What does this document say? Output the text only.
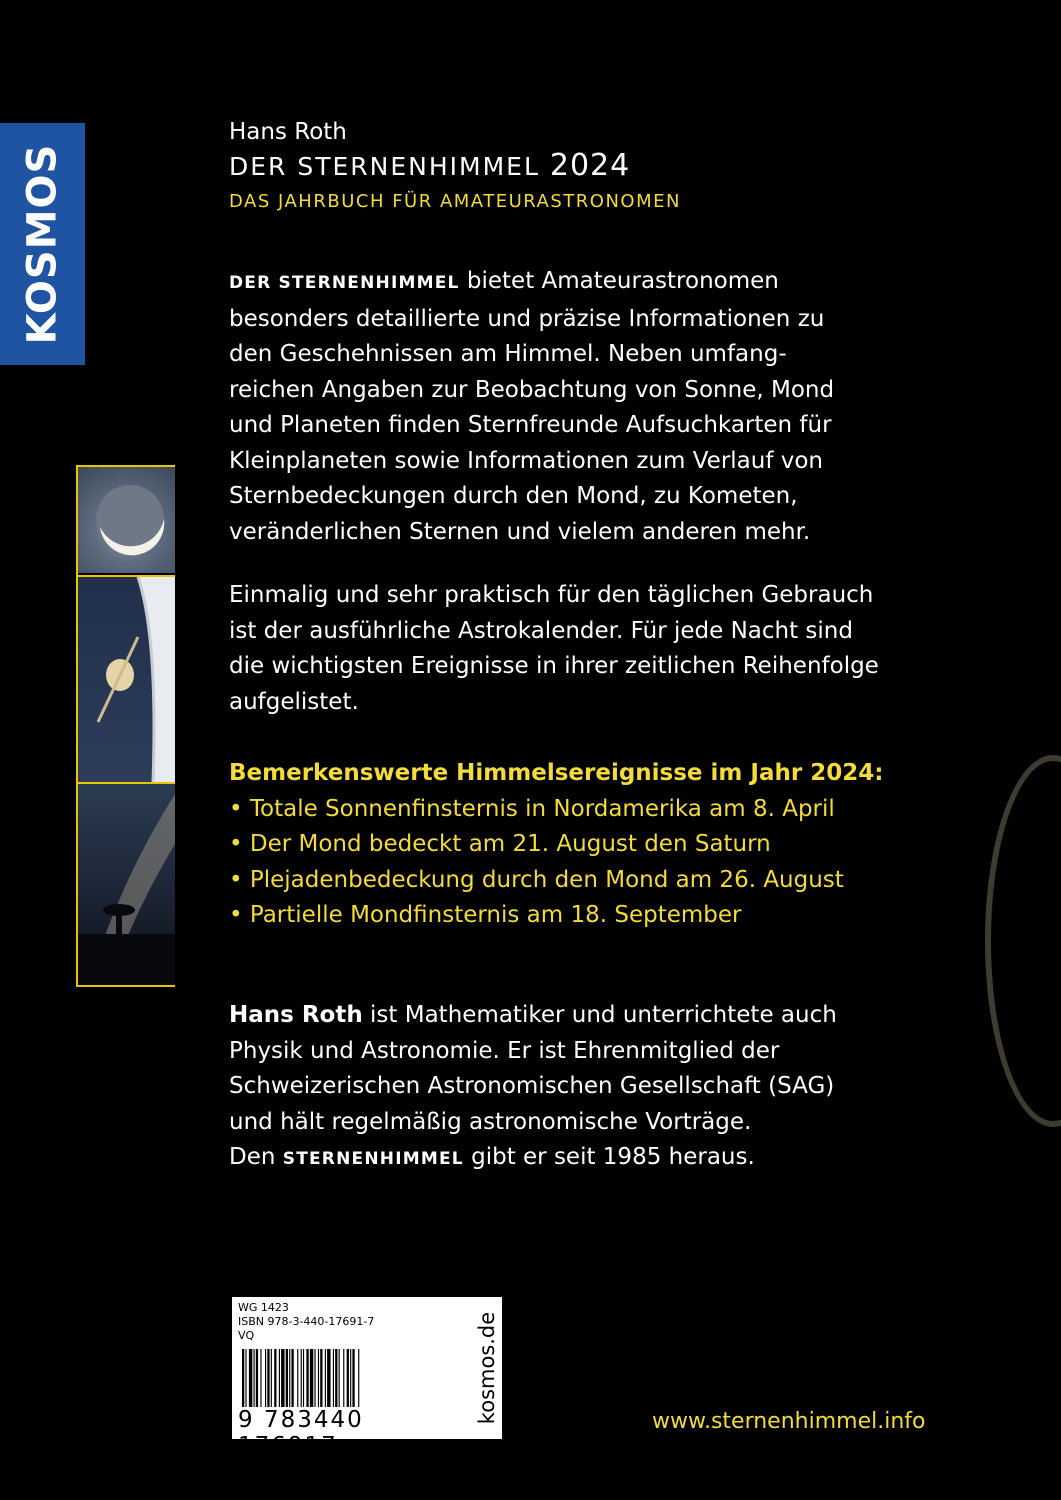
KOSMOS

Hans Roth

DER STERNENHIMMEL 2024

DAS JAHRBUCH FÜR AMATEURASTRONOMEN

DER STERNENHIMMEL bietet Amateurastronomen
besonders detaillierte und präzise Informationen zu
den Geschehnissen am Himmel. Neben umfang-
reichen Angaben zur Beobachtung von Sonne, Mond
und Planeten finden Sternfreunde Aufsuchkarten für
Kleinplaneten sowie Informationen zum Verlauf von
Sternbedeckungen durch den Mond, zu Kometen,
veränderlichen Sternen und vielem anderen mehr.

Einmalig und sehr praktisch für den täglichen Gebrauch
ist der ausführliche Astrokalender. Für jede Nacht sind
die wichtigsten Ereignisse in ihrer zeitlichen Reihenfolge
aufgelistet.

Bemerkenswerte Himmelsereignisse im Jahr 2024:
• Totale Sonnenfinsternis in Nordamerika am 8. April
• Der Mond bedeckt am 21. August den Saturn
• Plejadenbedeckung durch den Mond am 26. August
• Partielle Mondfinsternis am 18. September

Hans Roth ist Mathematiker und unterrichtete auch
Physik und Astronomie. Er ist Ehrenmitglied der
Schweizerischen Astronomischen Gesellschaft (SAG)
und hält regelmäßig astronomische Vorträge.
Den STERNENHIMMEL gibt er seit 1985 heraus.

WG 1423
ISBN 978-3-440-17691-7
VQ
9 783440 176917
kosmos.de	www.sternenhimmel.info
